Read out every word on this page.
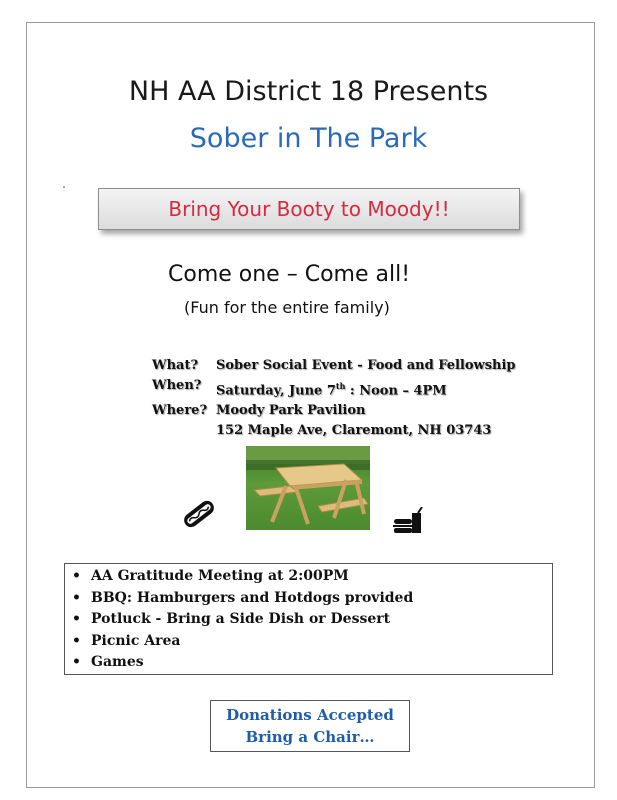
NH AA District 18 Presents
Sober in The Park
Bring Your Booty to Moody!!
Come one – Come all!
(Fun for the entire family)
What?	Sober Social Event - Food and Fellowship
When?	Saturday, June 7th : Noon – 4PM
Where? Moody Park Pavilion
152 Maple Ave, Claremont, NH 03743
• AA Gratitude Meeting at 2:00PM
• BBQ: Hamburgers and Hotdogs provided
• Potluck - Bring a Side Dish or Dessert
• Picnic Area
• Games
Donations Accepted
Bring a Chair…
